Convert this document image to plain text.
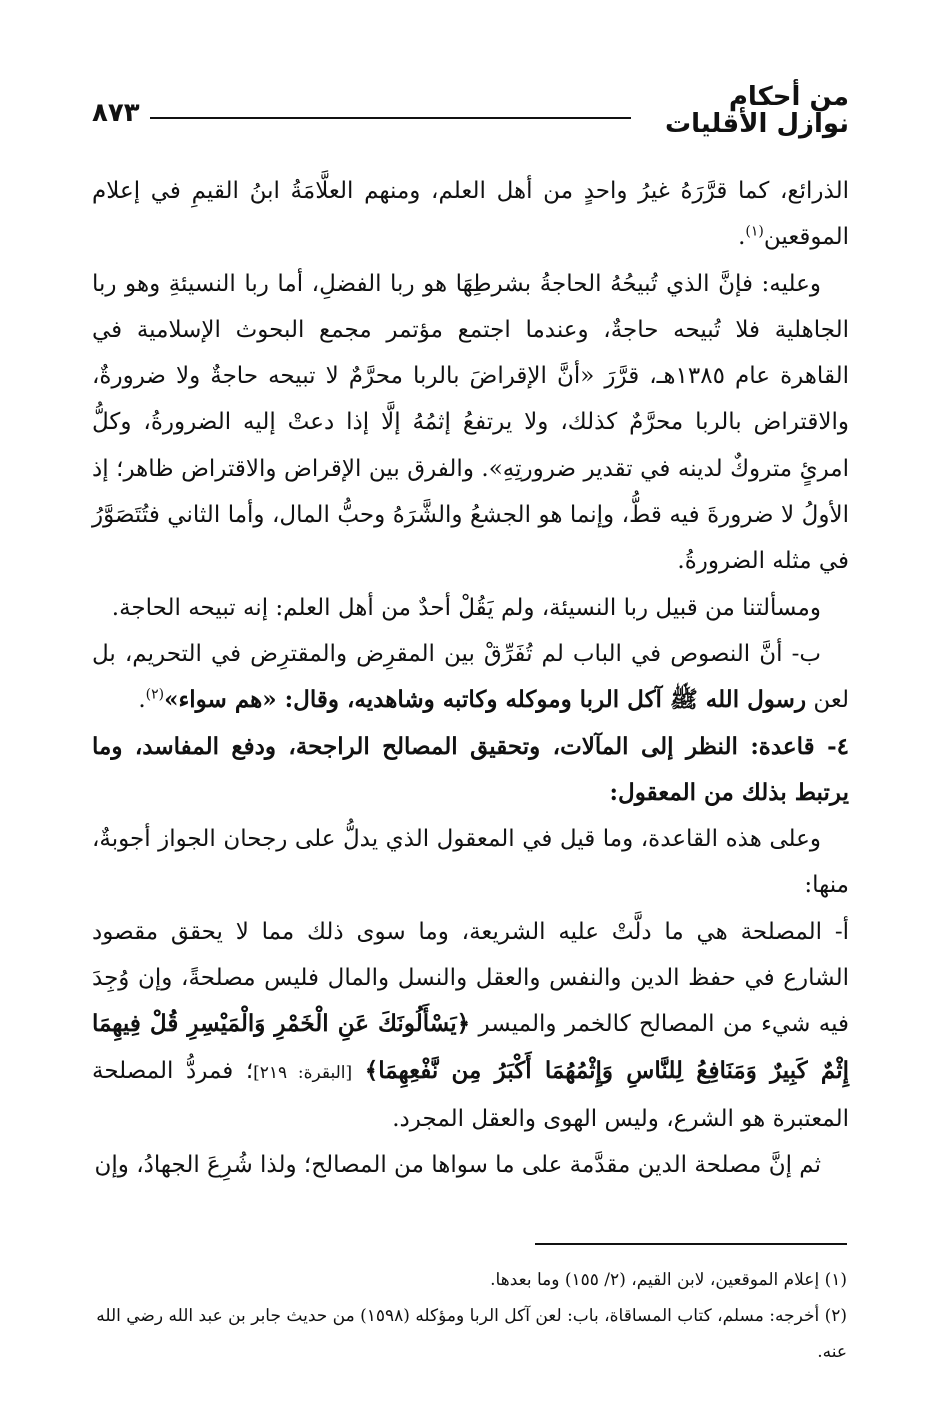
من أحكام
نوازل الأقليات
٨٧٣

الذرائع، كما قرَّرَهُ غيرُ واحدٍ من أهل العلم، ومنهم العلَّامَةُ ابنُ القيمِ في إعلام الموقعين$^{(١)}$.

وعليه: فإنَّ الذي تُبيحُهُ الحاجةُ بشرطِهَا هو ربا الفضلِ، أما ربا النسيئةِ وهو ربا الجاهلية فلا تُبيحه حاجةٌ، وعندما اجتمع مؤتمر مجمع البحوث الإسلامية في القاهرة عام ١٣٨٥هـ، قرَّرَ «أنَّ الإقراضَ بالربا محرَّمٌ لا تبيحه حاجةٌ ولا ضرورةٌ، والاقتراض بالربا محرَّمٌ كذلك، ولا يرتفعُ إثمُهُ إلَّا إذا دعتْ إليه الضرورةُ، وكلُّ امرئٍ متروكٌ لدينه في تقدير ضرورتِهِ». والفرق بين الإقراض والاقتراض ظاهر؛ إذ الأولُ لا ضرورةَ فيه قطُّ، وإنما هو الجشعُ والشَّرَهُ وحبُّ المال، وأما الثاني فتُتَصَوَّرُ في مثله الضرورةُ.

ومسألتنا من قبيل ربا النسيئة، ولم يَقُلْ أحدٌ من أهل العلم: إنه تبيحه الحاجة.

ب- أنَّ النصوص في الباب لم تُفَرِّقْ بين المقرِض والمقترِض في التحريم، بل لعن رسول الله ﷺ آكل الربا وموكله وكاتبه وشاهديه، وقال: «هم سواء»$^{(٢)}$.

٤- قاعدة: النظر إلى المآلات، وتحقيق المصالح الراجحة، ودفع المفاسد، وما يرتبط بذلك من المعقول:

وعلى هذه القاعدة، وما قيل في المعقول الذي يدلُّ على رجحان الجواز أجوبةٌ، منها:

أ- المصلحة هي ما دلَّتْ عليه الشريعة، وما سوى ذلك مما لا يحقق مقصود الشارع في حفظ الدين والنفس والعقل والنسل والمال فليس مصلحةً، وإن وُجِدَ فيه شيء من المصالح كالخمر والميسر ﴿يَسْأَلُونَكَ عَنِ الْخَمْرِ وَالْمَيْسِرِ قُلْ فِيهِمَا إِثْمٌ كَبِيرٌ وَمَنَافِعُ لِلنَّاسِ وَإِثْمُهُمَا أَكْبَرُ مِن نَّفْعِهِمَا﴾ [البقرة: ٢١٩]؛ فمردُّ المصلحة المعتبرة هو الشرع، وليس الهوى والعقل المجرد.

ثم إنَّ مصلحة الدين مقدَّمة على ما سواها من المصالح؛ ولذا شُرِعَ الجهادُ، وإن

(١) إعلام الموقعين، لابن القيم، (٢/ ١٥٥) وما بعدها.

(٢) أخرجه: مسلم، كتاب المساقاة، باب: لعن آكل الربا ومؤكله (١٥٩٨) من حديث جابر بن عبد الله رضي الله عنه.
